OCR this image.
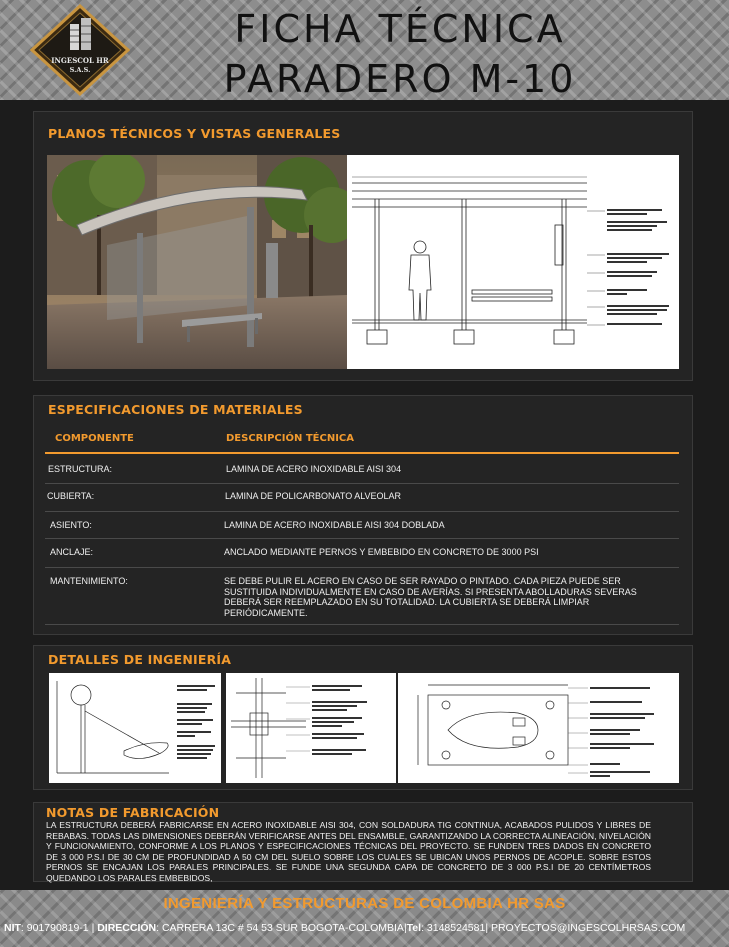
INGESCOL HR
S.A.S.
FICHA TÉCNICA
PARADERO M-10
PLANOS TÉCNICOS Y VISTAS GENERALES
ESPECIFICACIONES DE MATERIALES
COMPONENTE	DESCRIPCIÓN TÉCNICA
ESTRUCTURA:	LAMINA DE ACERO INOXIDABLE AISI 304
CUBIERTA:	LAMINA DE POLICARBONATO ALVEOLAR
ASIENTO:	LAMINA DE ACERO INOXIDABLE AISI 304 DOBLADA
ANCLAJE:	ANCLADO MEDIANTE PERNOS Y EMBEBIDO EN CONCRETO DE 3000 PSI
MANTENIMIENTO:	SE DEBE PULIR EL ACERO EN CASO DE SER RAYADO O PINTADO. CADA PIEZA PUEDE SER SUSTITUIDA INDIVIDUALMENTE EN CASO DE AVERÍAS. SI PRESENTA ABOLLADURAS SEVERAS DEBERÁ SER REEMPLAZADO EN SU TOTALIDAD. LA CUBIERTA SE DEBERÁ LIMPIAR PERIÓDICAMENTE.
DETALLES DE INGENIERÍA
NOTAS DE FABRICACIÓN
LA ESTRUCTURA DEBERÁ FABRICARSE EN ACERO INOXIDABLE AISI 304, CON SOLDADURA TIG CONTINUA, ACABADOS PULIDOS Y LIBRES DE REBABAS. TODAS LAS DIMENSIONES DEBERÁN VERIFICARSE ANTES DEL ENSAMBLE, GARANTIZANDO LA CORRECTA ALINEACIÓN, NIVELACIÓN Y FUNCIONAMIENTO, CONFORME A LOS PLANOS Y ESPECIFICACIONES TÉCNICAS DEL PROYECTO. SE FUNDEN TRES DADOS EN CONCRETO DE 3 000 P.S.I DE 30 CM DE PROFUNDIDAD A 50 CM DEL SUELO SOBRE LOS CUALES SE UBICAN UNOS PERNOS DE ACOPLE. SOBRE ESTOS PERNOS SE ENCAJAN LOS PARALES PRINCIPALES. SE FUNDE UNA SEGUNDA CAPA DE CONCRETO DE 3 000 P.S.I DE 20 CENTÍMETROS QUEDANDO LOS PARALES EMBEBIDOS,
INGENIERÍA Y ESTRUCTURAS DE COLOMBIA HR SAS
NIT: 901790819-1 | DIRECCIÓN: CARRERA 13C # 54 53 SUR BOGOTA-COLOMBIA|Tel: 3148524581| PROYECTOS@INGESCOLHRSAS.COM
